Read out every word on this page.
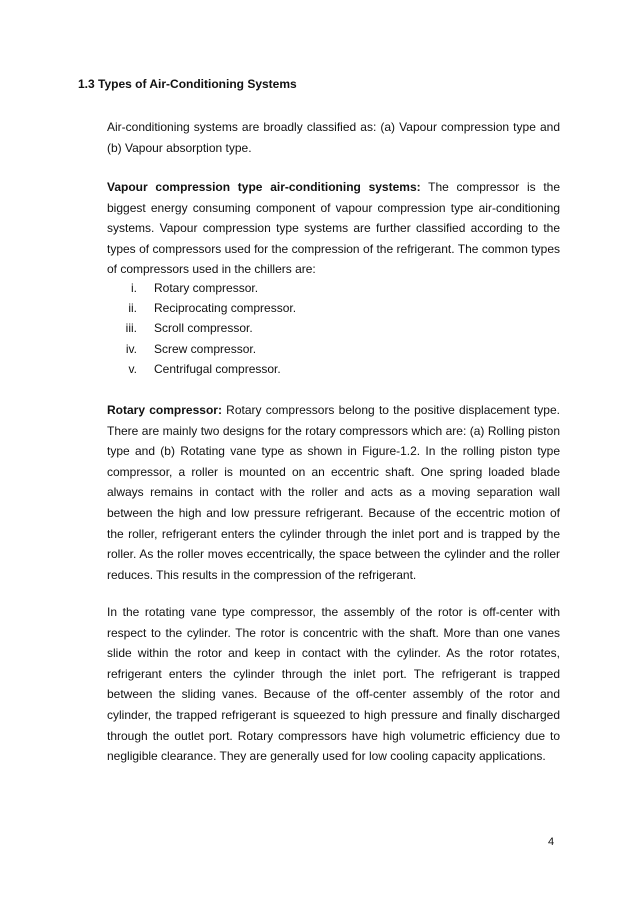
1.3 Types of Air-Conditioning Systems

Air-conditioning systems are broadly classified as: (a) Vapour compression type and (b) Vapour absorption type.

Vapour compression type air-conditioning systems: The compressor is the biggest energy consuming component of vapour compression type air-conditioning systems. Vapour compression type systems are further classified according to the types of compressors used for the compression of the refrigerant. The common types of compressors used in the chillers are:

i. Rotary compressor.
ii. Reciprocating compressor.
iii. Scroll compressor.
iv. Screw compressor.
v. Centrifugal compressor.

Rotary compressor: Rotary compressors belong to the positive displacement type. There are mainly two designs for the rotary compressors which are: (a) Rolling piston type and (b) Rotating vane type as shown in Figure-1.2. In the rolling piston type compressor, a roller is mounted on an eccentric shaft. One spring loaded blade always remains in contact with the roller and acts as a moving separation wall between the high and low pressure refrigerant. Because of the eccentric motion of the roller, refrigerant enters the cylinder through the inlet port and is trapped by the roller. As the roller moves eccentrically, the space between the cylinder and the roller reduces. This results in the compression of the refrigerant.

In the rotating vane type compressor, the assembly of the rotor is off-center with respect to the cylinder. The rotor is concentric with the shaft. More than one vanes slide within the rotor and keep in contact with the cylinder. As the rotor rotates, refrigerant enters the cylinder through the inlet port. The refrigerant is trapped between the sliding vanes. Because of the off-center assembly of the rotor and cylinder, the trapped refrigerant is squeezed to high pressure and finally discharged through the outlet port. Rotary compressors have high volumetric efficiency due to negligible clearance. They are generally used for low cooling capacity applications.

4
